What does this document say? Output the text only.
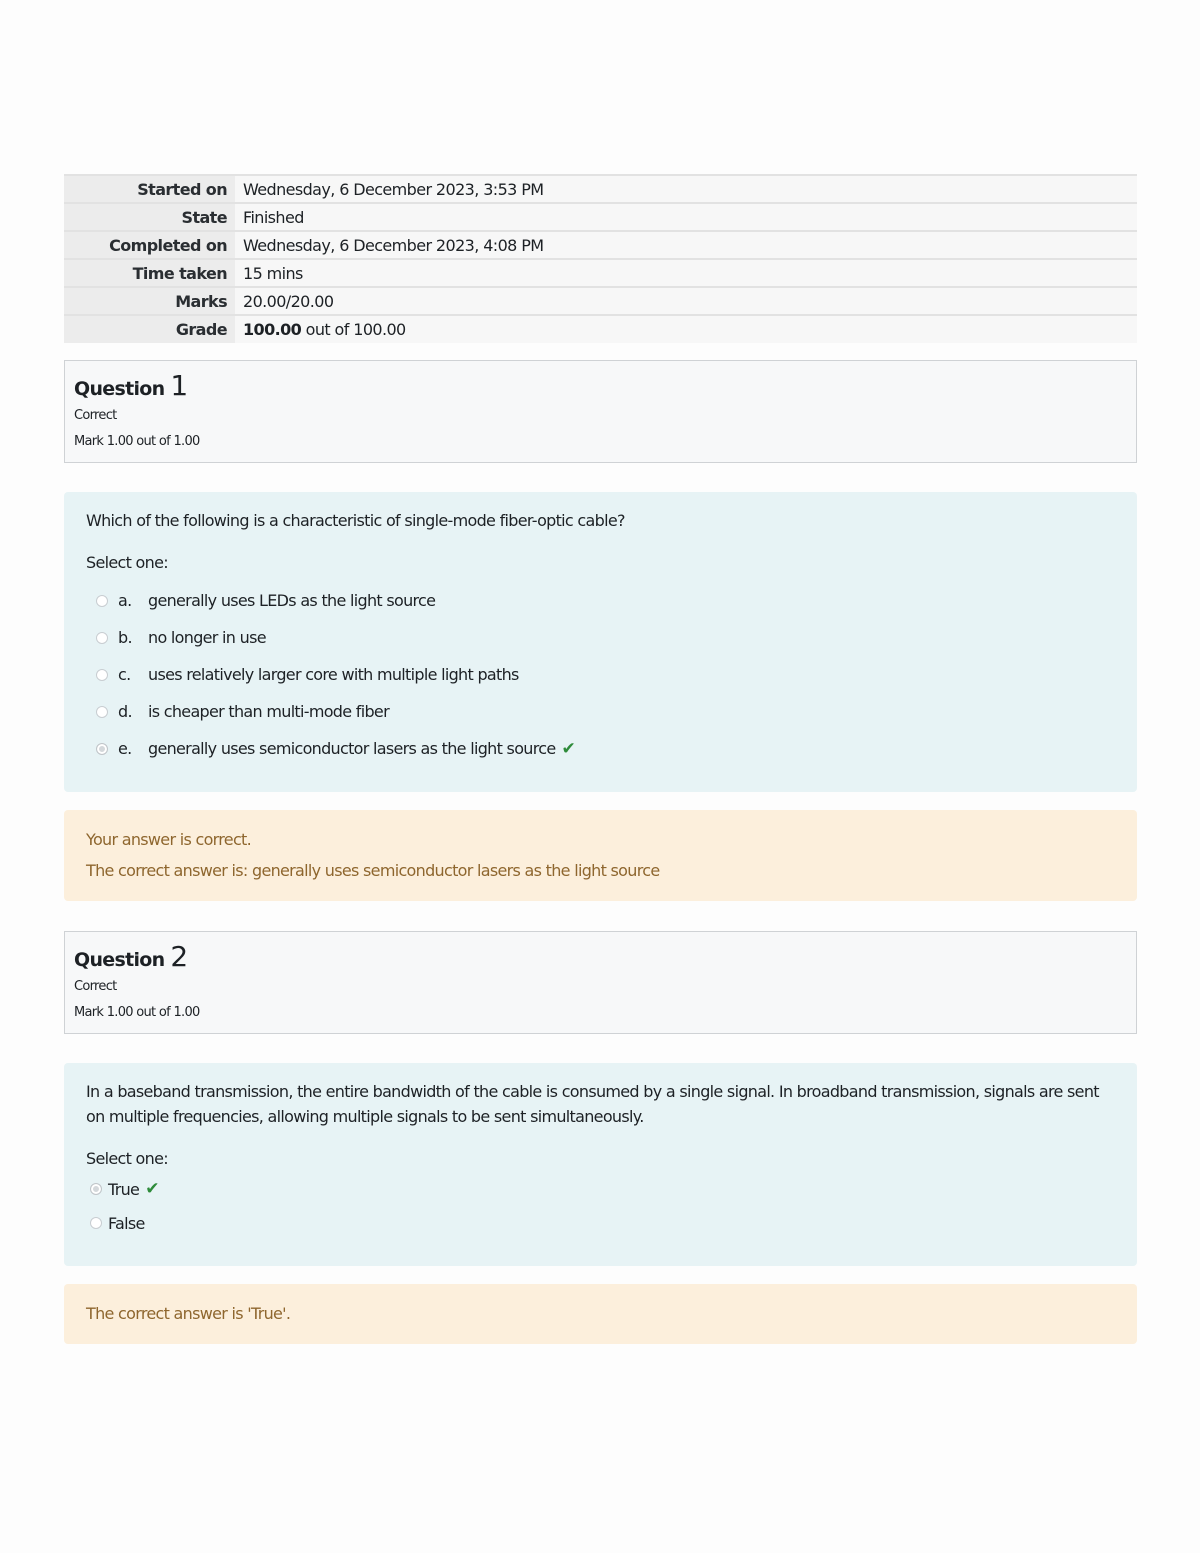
Started on	Wednesday, 6 December 2023, 3:53 PM
State	Finished
Completed on	Wednesday, 6 December 2023, 4:08 PM
Time taken	15 mins
Marks	20.00/20.00
Grade	100.00 out of 100.00
Question 1
Correct
Mark 1.00 out of 1.00
Which of the following is a characteristic of single-mode fiber-optic cable?
Select one:
a.	generally uses LEDs as the light source
b.	no longer in use
c.	uses relatively larger core with multiple light paths
d.	is cheaper than multi-mode fiber
e.	generally uses semiconductor lasers as the light source ✔
Your answer is correct.
The correct answer is: generally uses semiconductor lasers as the light source
Question 2
Correct
Mark 1.00 out of 1.00
In a baseband transmission, the entire bandwidth of the cable is consumed by a single signal. In broadband transmission, signals are sent on multiple frequencies, allowing multiple signals to be sent simultaneously.
Select one:
True ✔
False
The correct answer is 'True'.
